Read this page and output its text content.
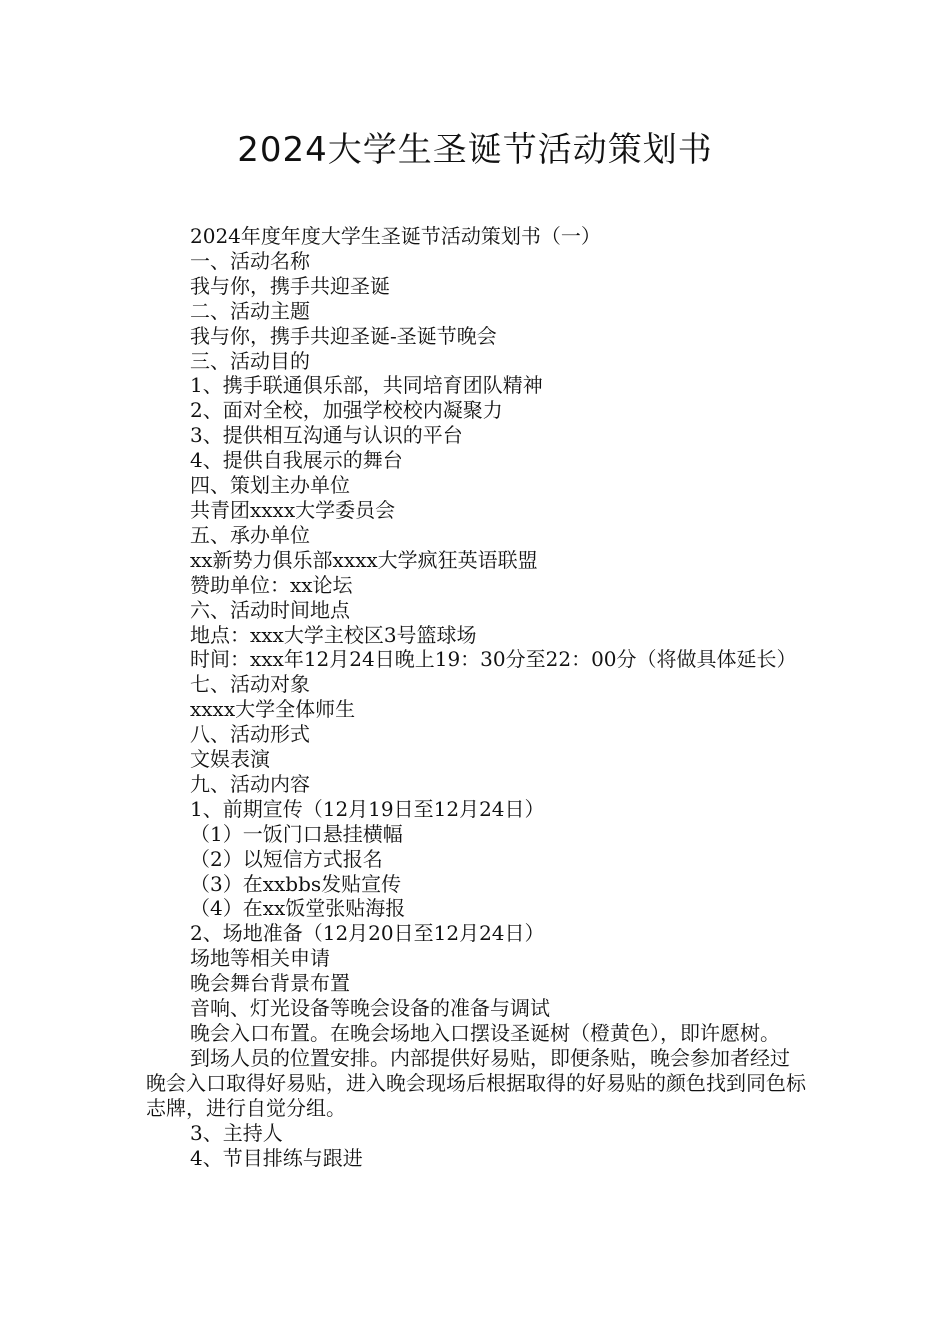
2024大学生圣诞节活动策划书

2024年度年度大学生圣诞节活动策划书（一）

一、活动名称

我与你，携手共迎圣诞

二、活动主题

我与你，携手共迎圣诞-圣诞节晚会

三、活动目的

1、携手联通俱乐部，共同培育团队精神

2、面对全校，加强学校校内凝聚力

3、提供相互沟通与认识的平台

4、提供自我展示的舞台

四、策划主办单位

共青团xxxx大学委员会

五、承办单位

xx新势力俱乐部xxxx大学疯狂英语联盟

赞助单位：xx论坛

六、活动时间地点

地点：xxx大学主校区3号篮球场

时间：xxx年12月24日晚上19：30分至22：00分（将做具体延长）

七、活动对象

xxxx大学全体师生

八、活动形式

文娱表演

九、活动内容

1、前期宣传（12月19日至12月24日）

（1）一饭门口悬挂横幅

（2）以短信方式报名

（3）在xxbbs发贴宣传

（4）在xx饭堂张贴海报

2、场地准备（12月20日至12月24日）

场地等相关申请

晚会舞台背景布置

音响、灯光设备等晚会设备的准备与调试

晚会入口布置。在晚会场地入口摆设圣诞树（橙黄色），即许愿树。

到场人员的位置安排。内部提供好易贴，即便条贴，晚会参加者经过晚会入口取得好易贴，进入晚会现场后根据取得的好易贴的颜色找到同色标志牌，进行自觉分组。

3、主持人

4、节目排练与跟进
